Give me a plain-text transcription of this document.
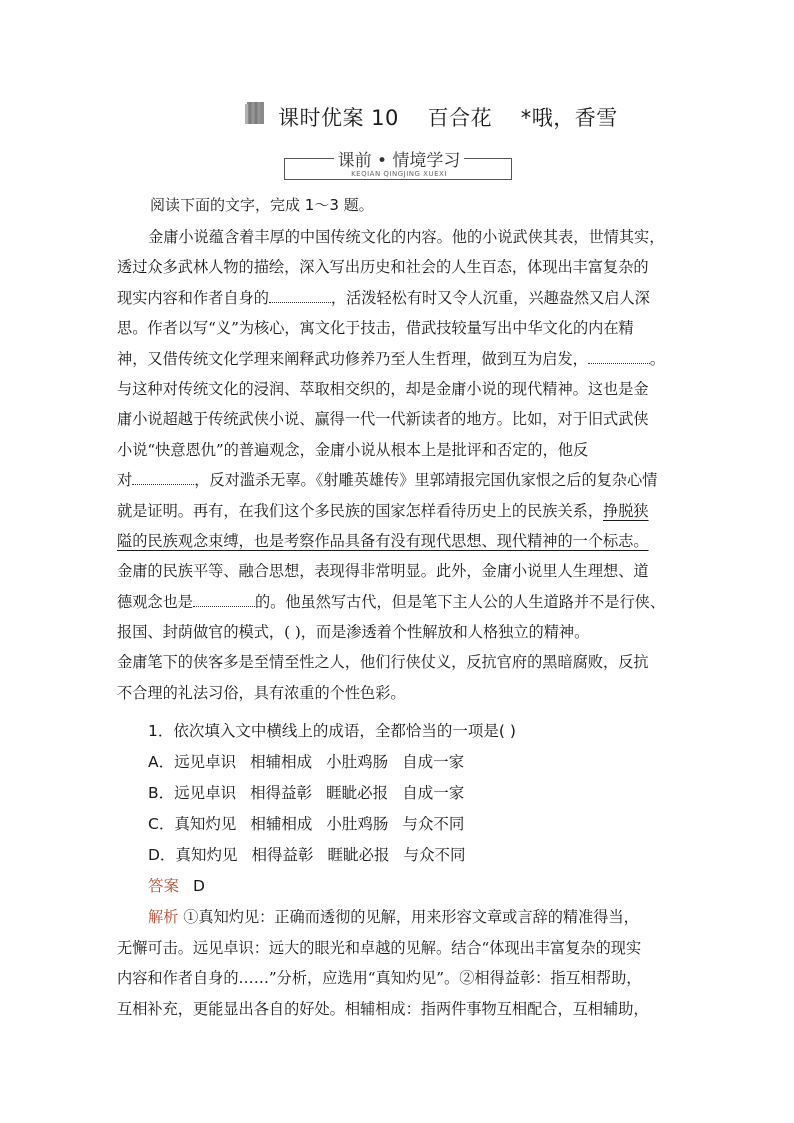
课时优案 10    百合花    *哦，香雪
课前 • 情境学习
KEQIAN QINGJING XUEXI
阅读下面的文字，完成 1～3 题。
金庸小说蕴含着丰厚的中国传统文化的内容。他的小说武侠其表，世情其实，
透过众多武林人物的描绘，深入写出历史和社会的人生百态，体现出丰富复杂的
现实内容和作者自身的	，活泼轻松有时又令人沉重，兴趣盎然又启人深
思。作者以写“义”为核心，寓文化于技击，借武技较量写出中华文化的内在精
神，又借传统文化学理来阐释武功修养乃至人生哲理，做到互为启发，	。
与这种对传统文化的浸润、萃取相交织的，却是金庸小说的现代精神。这也是金
庸小说超越于传统武侠小说、赢得一代一代新读者的地方。比如，对于旧式武侠
小说“快意恩仇”的普遍观念，金庸小说从根本上是批评和否定的，他反
对	，反对滥杀无辜。《射雕英雄传》里郭靖报完国仇家恨之后的复杂心情
就是证明。再有，在我们这个多民族的国家怎样看待历史上的民族关系，挣脱狭
隘的民族观念束缚，也是考察作品具备有没有现代思想、现代精神的一个标志。
金庸的民族平等、融合思想，表现得非常明显。此外，金庸小说里人生理想、道
德观念也是	的。他虽然写古代，但是笔下主人公的人生道路并不是行侠、
报国、封荫做官的模式，( )，而是渗透着个性解放和人格独立的精神。
金庸笔下的侠客多是至情至性之人，他们行侠仗义，反抗官府的黑暗腐败，反抗
不合理的礼法习俗，具有浓重的个性色彩。
1．依次填入文中横线上的成语，全都恰当的一项是( )
A．远见卓识 相辅相成 小肚鸡肠 自成一家
B．远见卓识 相得益彰 睚眦必报 自成一家
C．真知灼见 相辅相成 小肚鸡肠 与众不同
D．真知灼见 相得益彰 睚眦必报 与众不同
答案 D
解析 ①真知灼见：正确而透彻的见解，用来形容文章或言辞的精准得当，
无懈可击。远见卓识：远大的眼光和卓越的见解。结合“体现出丰富复杂的现实
内容和作者自身的……”分析，应选用“真知灼见”。②相得益彰：指互相帮助，
互相补充，更能显出各自的好处。相辅相成：指两件事物互相配合，互相辅助，
